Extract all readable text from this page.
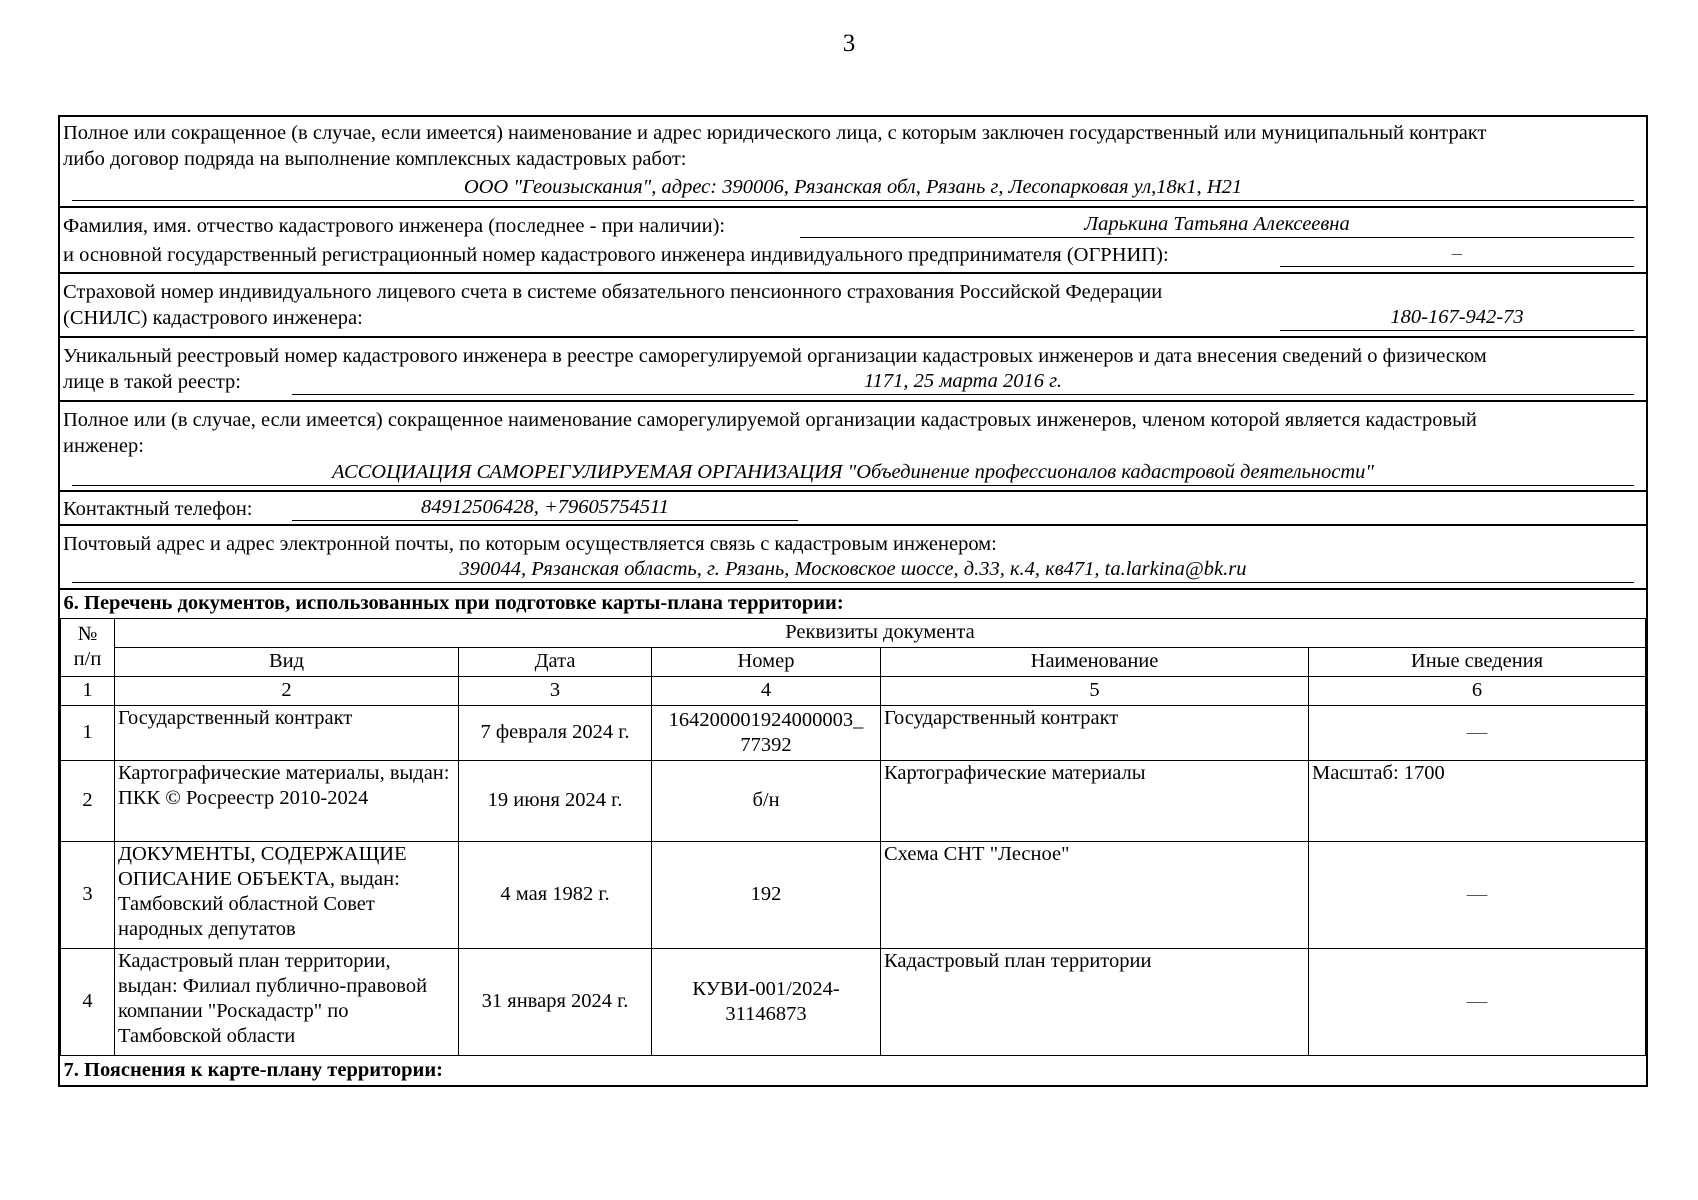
3
Полное или сокращенное (в случае, если имеется) наименование и адрес юридического лица, с которым заключен государственный или муниципальный контракт
либо договор подряда на выполнение комплексных кадастровых работ:
ООО "Геоизыскания", адрес: 390006, Рязанская обл, Рязань г, Лесопарковая ул,18к1, Н21
Фамилия, имя. отчество кадастрового инженера (последнее - при наличии):	Ларькина Татьяна Алексеевна
и основной государственный регистрационный номер кадастрового инженера индивидуального предпринимателя (ОГРНИП):	–
Страховой номер индивидуального лицевого счета в системе обязательного пенсионного страхования Российской Федерации
(СНИЛС) кадастрового инженера:	180-167-942-73
Уникальный реестровый номер кадастрового инженера в реестре саморегулируемой организации кадастровых инженеров и дата внесения сведений о физическом
лице в такой реестр:	1171, 25 марта 2016 г.
Полное или (в случае, если имеется) сокращенное наименование саморегулируемой организации кадастровых инженеров, членом которой является кадастровый
инженер:
АССОЦИАЦИЯ САМОРЕГУЛИРУЕМАЯ ОРГАНИЗАЦИЯ "Объединение профессионалов кадастровой деятельности"
Контактный телефон:	84912506428, +79605754511
Почтовый адрес и адрес электронной почты, по которым осуществляется связь с кадастровым инженером:
390044, Рязанская область, г. Рязань, Московское шоссе, д.33, к.4, кв471, ta.larkina@bk.ru
6. Перечень документов, использованных при подготовке карты-плана территории:					

№
п/п	Реквизиты документа				
	Вид	Дата	Номер	Наименование	Иные сведения
1	2	3	4	5	6
1	Государственный контракт	7 февраля 2024 г.	164200001924000003_ 77392	Государственный контракт	—
2	Картографические материалы, выдан: ПКК © Росреестр 2010-2024	19 июня 2024 г.	б/н	Картографические материалы	Масштаб: 1700
3	ДОКУМЕНТЫ, СОДЕРЖАЩИЕ ОПИСАНИЕ ОБЪЕКТА, выдан: Тамбовский областной Совет народных депутатов	4 мая 1982 г.	192	Схема СНТ "Лесное"	—
4	Кадастровый план территории, выдан: Филиал публично-правовой компании "Роскадастр" по Тамбовской области	31 января 2024 г.	КУВИ-001/2024-31146873	Кадастровый план территории	—
7. Пояснения к карте-плану территории:					
